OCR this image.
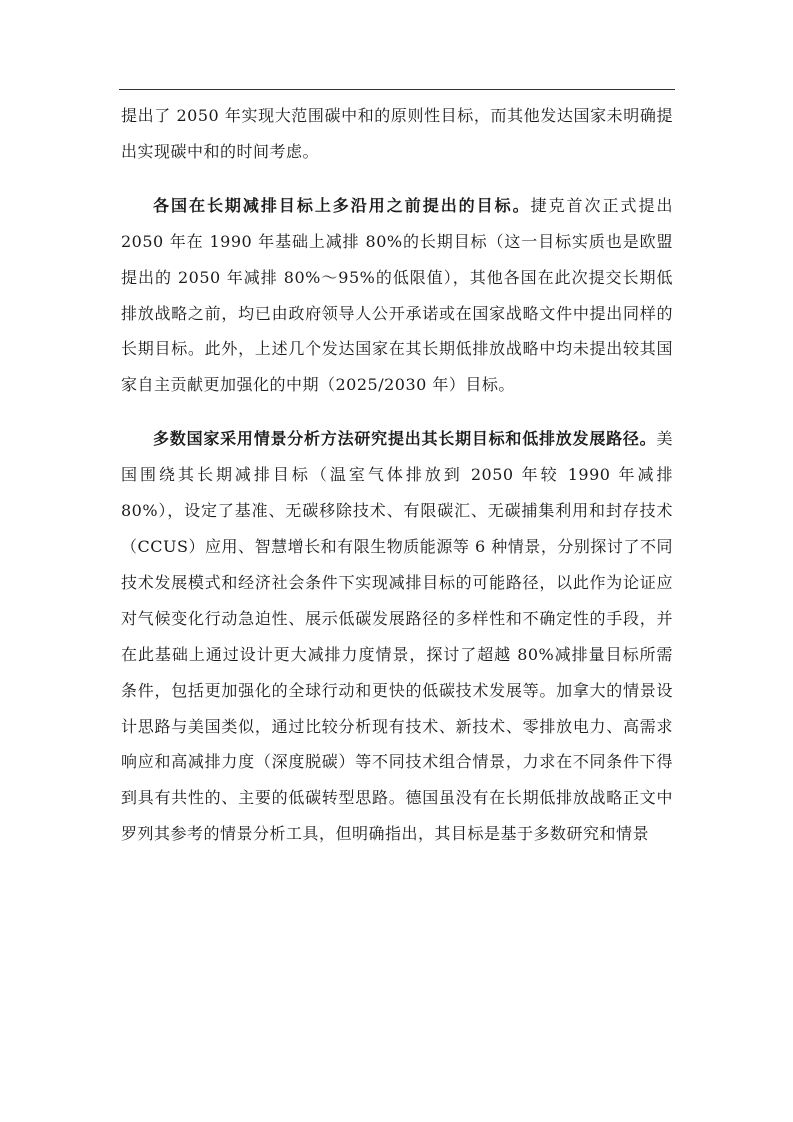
提出了 2050 年实现大范围碳中和的原则性目标，而其他发达国家未明确提出实现碳中和的时间考虑。

各国在长期减排目标上多沿用之前提出的目标。捷克首次正式提出 2050 年在 1990 年基础上减排 80%的长期目标（这一目标实质也是欧盟提出的 2050 年减排 80%～95%的低限值），其他各国在此次提交长期低排放战略之前，均已由政府领导人公开承诺或在国家战略文件中提出同样的长期目标。此外，上述几个发达国家在其长期低排放战略中均未提出较其国家自主贡献更加强化的中期（2025/2030 年）目标。

多数国家采用情景分析方法研究提出其长期目标和低排放发展路径。美国围绕其长期减排目标（温室气体排放到 2050 年较 1990 年减排 80%），设定了基准、无碳移除技术、有限碳汇、无碳捕集利用和封存技术（CCUS）应用、智慧增长和有限生物质能源等 6 种情景，分别探讨了不同技术发展模式和经济社会条件下实现减排目标的可能路径，以此作为论证应对气候变化行动急迫性、展示低碳发展路径的多样性和不确定性的手段，并在此基础上通过设计更大减排力度情景，探讨了超越 80%减排量目标所需条件，包括更加强化的全球行动和更快的低碳技术发展等。加拿大的情景设计思路与美国类似，通过比较分析现有技术、新技术、零排放电力、高需求响应和高减排力度（深度脱碳）等不同技术组合情景，力求在不同条件下得到具有共性的、主要的低碳转型思路。德国虽没有在长期低排放战略正文中罗列其参考的情景分析工具，但明确指出，其目标是基于多数研究和情景
